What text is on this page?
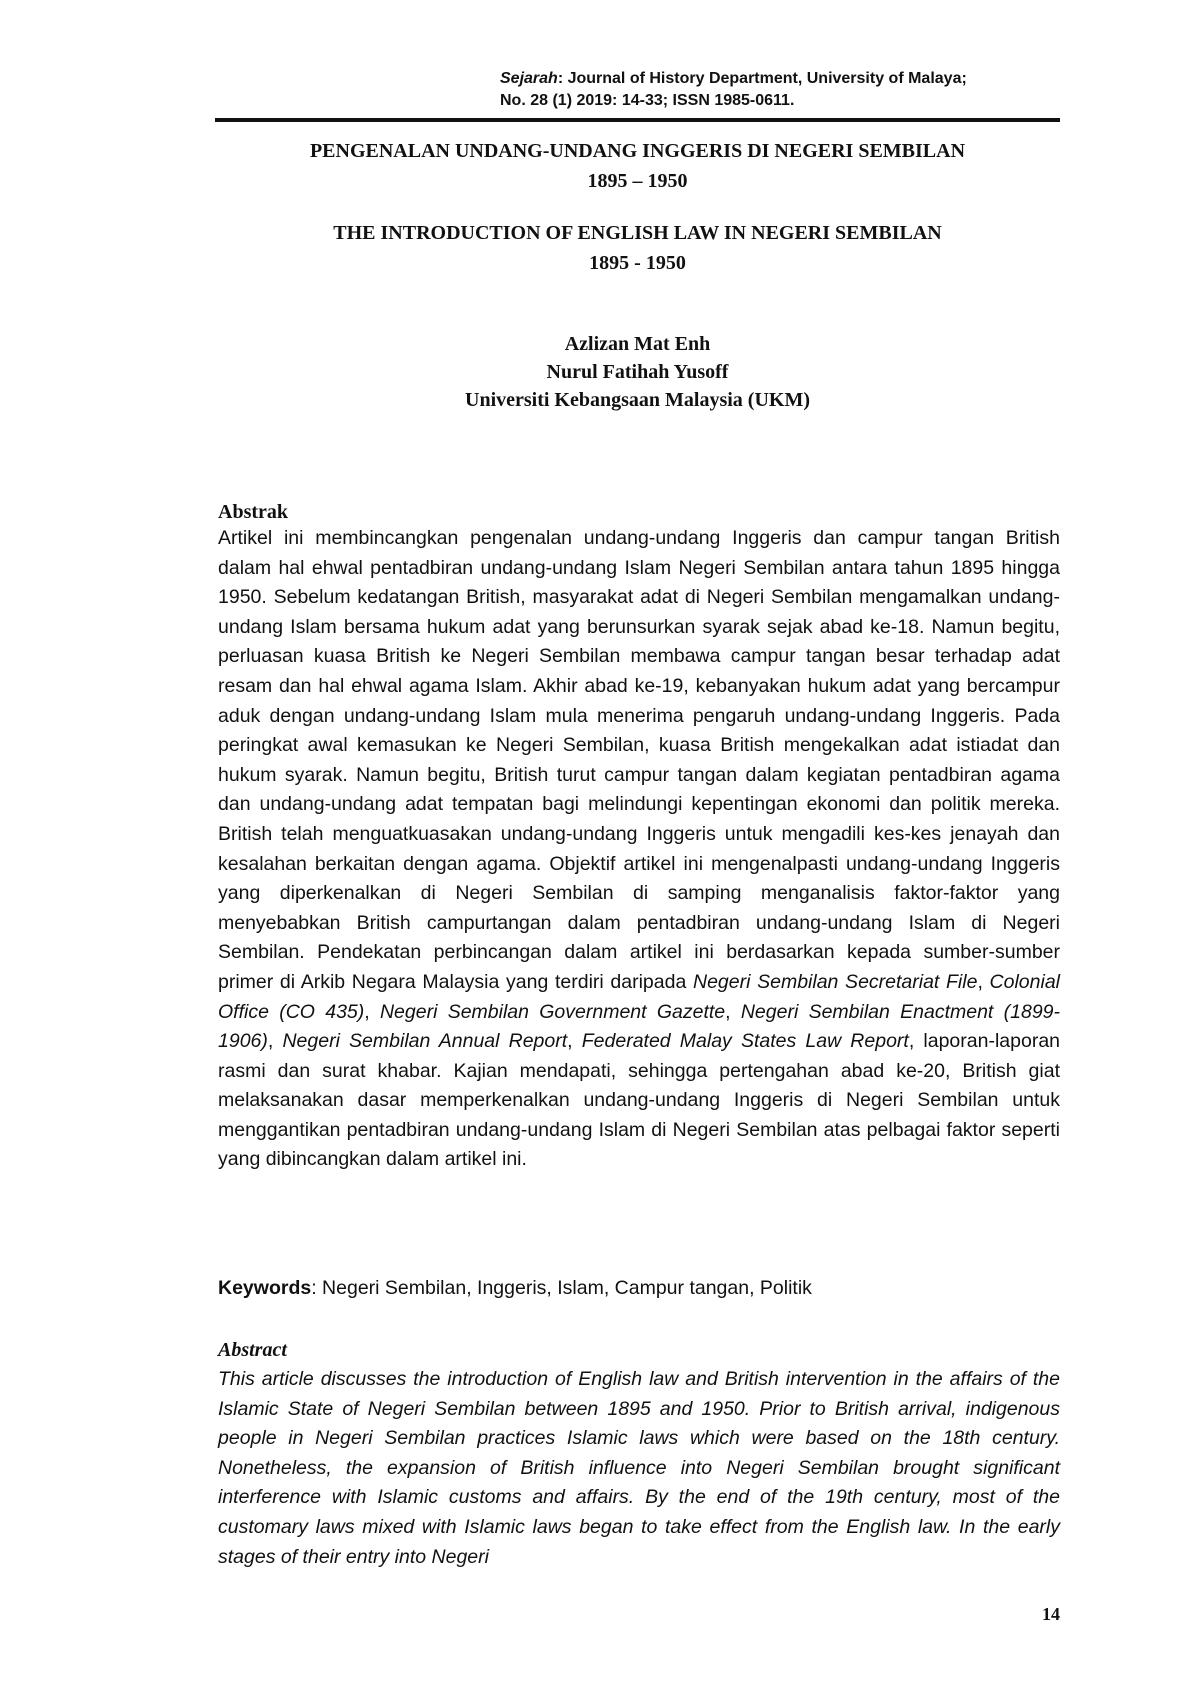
Sejarah: Journal of History Department, University of Malaya;
No. 28 (1) 2019: 14-33; ISSN 1985-0611.
PENGENALAN UNDANG-UNDANG INGGERIS DI NEGERI SEMBILAN
1895 – 1950
THE INTRODUCTION OF ENGLISH LAW IN NEGERI SEMBILAN
1895 - 1950
Azlizan Mat Enh
Nurul Fatihah Yusoff
Universiti Kebangsaan Malaysia (UKM)
Abstrak
Artikel ini membincangkan pengenalan undang-undang Inggeris dan campur tangan British dalam hal ehwal pentadbiran undang-undang Islam Negeri Sembilan antara tahun 1895 hingga 1950. Sebelum kedatangan British, masyarakat adat di Negeri Sembilan mengamalkan undang-undang Islam bersama hukum adat yang berunsurkan syarak sejak abad ke-18. Namun begitu, perluasan kuasa British ke Negeri Sembilan membawa campur tangan besar terhadap adat resam dan hal ehwal agama Islam. Akhir abad ke-19, kebanyakan hukum adat yang bercampur aduk dengan undang-undang Islam mula menerima pengaruh undang-undang Inggeris. Pada peringkat awal kemasukan ke Negeri Sembilan, kuasa British mengekalkan adat istiadat dan hukum syarak. Namun begitu, British turut campur tangan dalam kegiatan pentadbiran agama dan undang-undang adat tempatan bagi melindungi kepentingan ekonomi dan politik mereka. British telah menguatkuasakan undang-undang Inggeris untuk mengadili kes-kes jenayah dan kesalahan berkaitan dengan agama. Objektif artikel ini mengenalpasti undang-undang Inggeris yang diperkenalkan di Negeri Sembilan di samping menganalisis faktor-faktor yang menyebabkan British campurtangan dalam pentadbiran undang-undang Islam di Negeri Sembilan. Pendekatan perbincangan dalam artikel ini berdasarkan kepada sumber-sumber primer di Arkib Negara Malaysia yang terdiri daripada Negeri Sembilan Secretariat File, Colonial Office (CO 435), Negeri Sembilan Government Gazette, Negeri Sembilan Enactment (1899-1906), Negeri Sembilan Annual Report, Federated Malay States Law Report, laporan-laporan rasmi dan surat khabar. Kajian mendapati, sehingga pertengahan abad ke-20, British giat melaksanakan dasar memperkenalkan undang-undang Inggeris di Negeri Sembilan untuk menggantikan pentadbiran undang-undang Islam di Negeri Sembilan atas pelbagai faktor seperti yang dibincangkan dalam artikel ini.
Keywords: Negeri Sembilan, Inggeris, Islam, Campur tangan, Politik
Abstract
This article discusses the introduction of English law and British intervention in the affairs of the Islamic State of Negeri Sembilan between 1895 and 1950. Prior to British arrival, indigenous people in Negeri Sembilan practices Islamic laws which were based on the 18th century. Nonetheless, the expansion of British influence into Negeri Sembilan brought significant interference with Islamic customs and affairs. By the end of the 19th century, most of the customary laws mixed with Islamic laws began to take effect from the English law. In the early stages of their entry into Negeri
14
